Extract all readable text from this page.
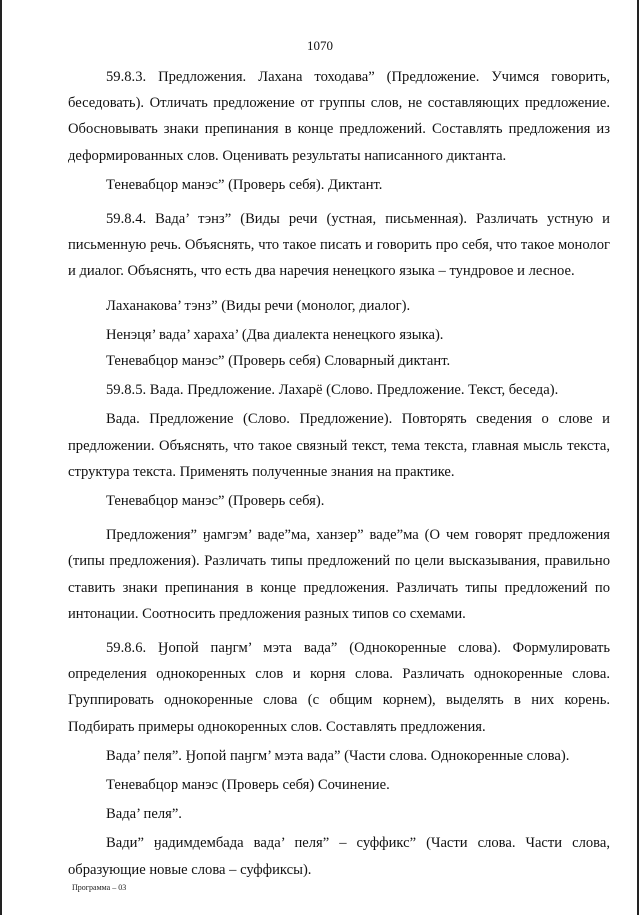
1070

59.8.3. Предложения. Лахана тоходава” (Предложение. Учимся говорить, беседовать). Отличать предложение от группы слов, не составляющих предложение. Обосновывать знаки препинания в конце предложений. Составлять предложения из деформированных слов. Оценивать результаты написанного диктанта.

Теневабцор манэс” (Проверь себя). Диктант.

59.8.4. Вада’ тэнз” (Виды речи (устная, письменная). Различать устную и письменную речь. Объяснять, что такое писать и говорить про себя, что такое монолог и диалог. Объяснять, что есть два наречия ненецкого языка – тундровое и лесное.

Лаханакова’ тэнз” (Виды речи (монолог, диалог).

Ненэця’ вада’ хараха’ (Два диалекта ненецкого языка).

Теневабцор манэс” (Проверь себя) Словарный диктант.

59.8.5. Вада. Предложение. Лахарё (Слово. Предложение. Текст, беседа).

Вада. Предложение (Слово. Предложение). Повторять сведения о слове и предложении. Объяснять, что такое связный текст, тема текста, главная мысль текста, структура текста. Применять полученные знания на практике.

Теневабцор манэс” (Проверь себя).

Предложения” ӈамгэм’ ваде”ма, ханзер” ваде”ма (О чем говорят предложения (типы предложения). Различать типы предложений по цели высказывания, правильно ставить знаки препинания в конце предложения. Различать типы предложений по интонации. Соотносить предложения разных типов со схемами.

59.8.6. Ӈопой паӈгм’ мэта вада” (Однокоренные слова). Формулировать определения однокоренных слов и корня слова. Различать однокоренные слова. Группировать однокоренные слова (с общим корнем), выделять в них корень. Подбирать примеры однокоренных слов. Составлять предложения.

Вада’ пеля”. Ӈопой паӈгм’ мэта вада” (Части слова. Однокоренные слова).

Теневабцор манэс (Проверь себя) Сочинение.

Вада’ пеля”.

Вади” ӈадимдембада вада’ пеля” – суффикс” (Части слова. Части слова, образующие новые слова – суффиксы).

Программа – 03
